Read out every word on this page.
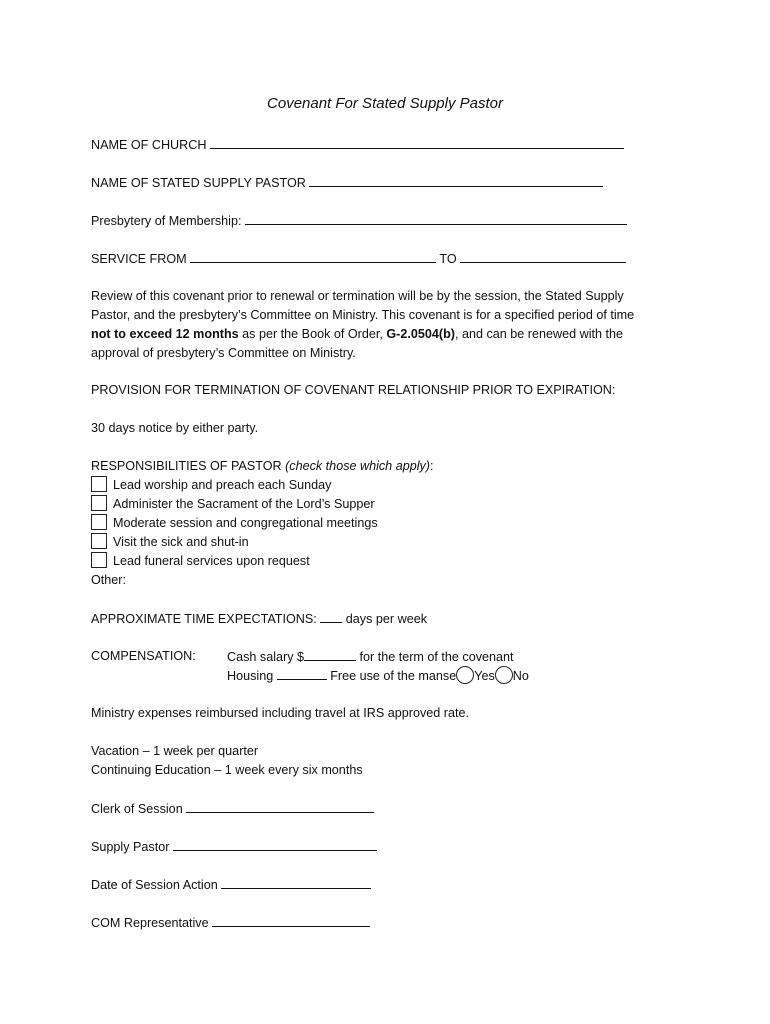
Covenant For Stated Supply Pastor
NAME OF CHURCH
NAME OF STATED SUPPLY PASTOR
Presbytery of Membership:
SERVICE FROM	TO
Review of this covenant prior to renewal or termination will be by the session, the Stated Supply Pastor, and the presbytery’s Committee on Ministry. This covenant is for a specified period of time not to exceed 12 months as per the Book of Order, G-2.0504(b), and can be renewed with the approval of presbytery’s Committee on Ministry.
PROVISION FOR TERMINATION OF COVENANT RELATIONSHIP PRIOR TO EXPIRATION:
30 days notice by either party.
RESPONSIBILITIES OF PASTOR (check those which apply):
Lead worship and preach each Sunday
Administer the Sacrament of the Lord’s Supper
Moderate session and congregational meetings
Visit the sick and shut-in
Lead funeral services upon request
Other:
APPROXIMATE TIME EXPECTATIONS: days per week
COMPENSATION: Cash salary $	for the term of the covenant
Housing	Free use of the manse Yes No
Ministry expenses reimbursed including travel at IRS approved rate.
Vacation – 1 week per quarter
Continuing Education – 1 week every six months
Clerk of Session
Supply Pastor
Date of Session Action
COM Representative
